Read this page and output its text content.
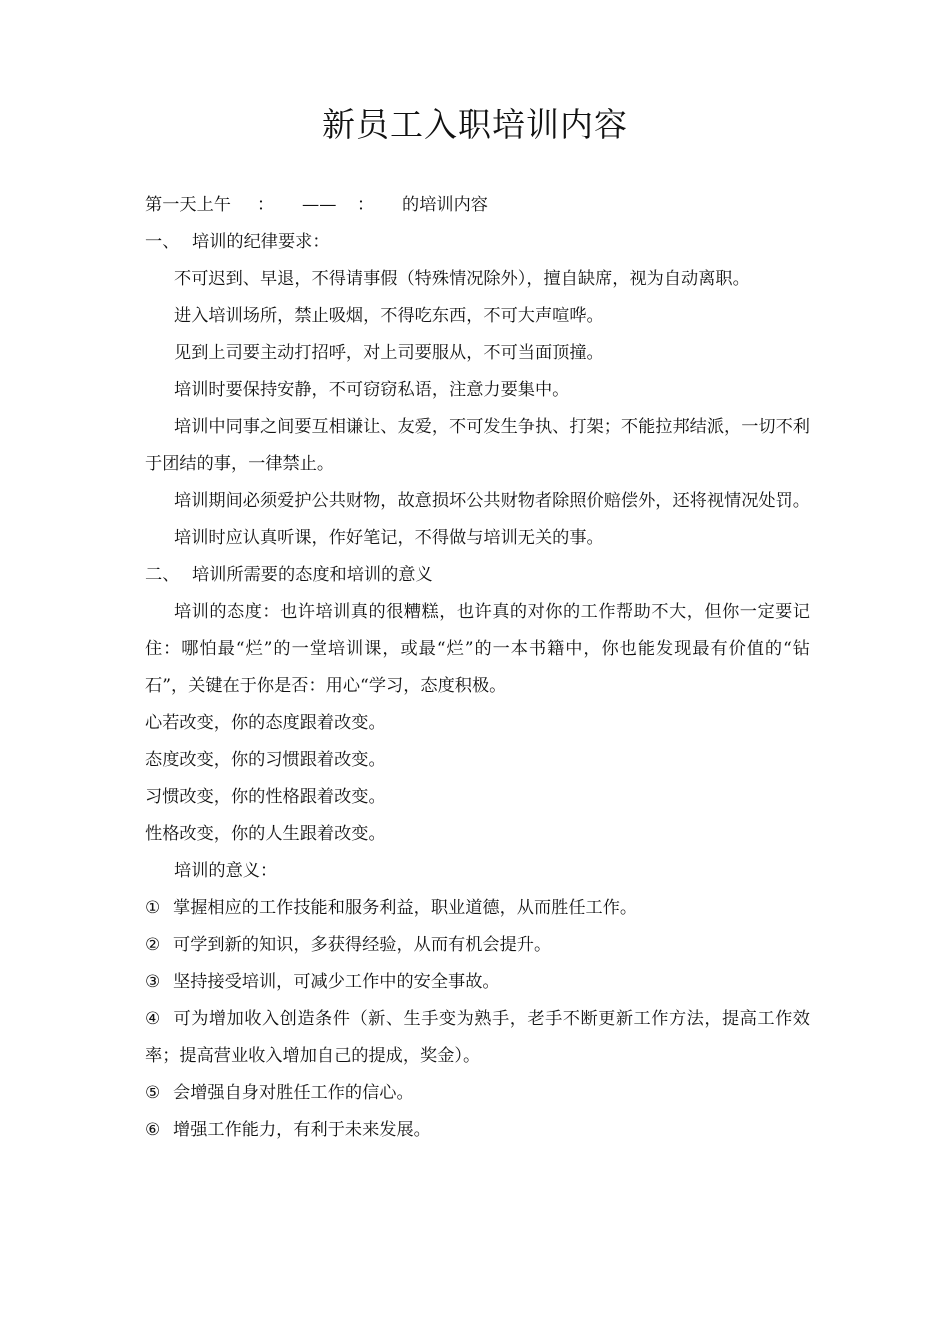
新员工入职培训内容
第一天上午 ： —— ： 的培训内容
一、 培训的纪律要求：
不可迟到、早退，不得请事假（特殊情况除外），擅自缺席，视为自动离职。
进入培训场所，禁止吸烟，不得吃东西，不可大声喧哗。
见到上司要主动打招呼，对上司要服从，不可当面顶撞。
培训时要保持安静，不可窃窃私语，注意力要集中。
培训中同事之间要互相谦让、友爱，不可发生争执、打架；不能拉邦结派，一切不利于团结的事，一律禁止。
培训期间必须爱护公共财物，故意损坏公共财物者除照价赔偿外，还将视情况处罚。
培训时应认真听课，作好笔记，不得做与培训无关的事。
二、 培训所需要的态度和培训的意义
培训的态度：也许培训真的很糟糕，也许真的对你的工作帮助不大，但你一定要记住：哪怕最“烂”的一堂培训课，或最“烂”的一本书籍中，你也能发现最有价值的“钻石”，关键在于你是否：用心“学习，态度积极。
心若改变，你的态度跟着改变。
态度改变，你的习惯跟着改变。
习惯改变，你的性格跟着改变。
性格改变，你的人生跟着改变。
培训的意义：
① 掌握相应的工作技能和服务利益，职业道德，从而胜任工作。
② 可学到新的知识，多获得经验，从而有机会提升。
③ 坚持接受培训，可减少工作中的安全事故。
④ 可为增加收入创造条件（新、生手变为熟手，老手不断更新工作方法，提高工作效率；提高营业收入增加自己的提成，奖金）。
⑤ 会增强自身对胜任工作的信心。
⑥ 增强工作能力，有利于未来发展。
